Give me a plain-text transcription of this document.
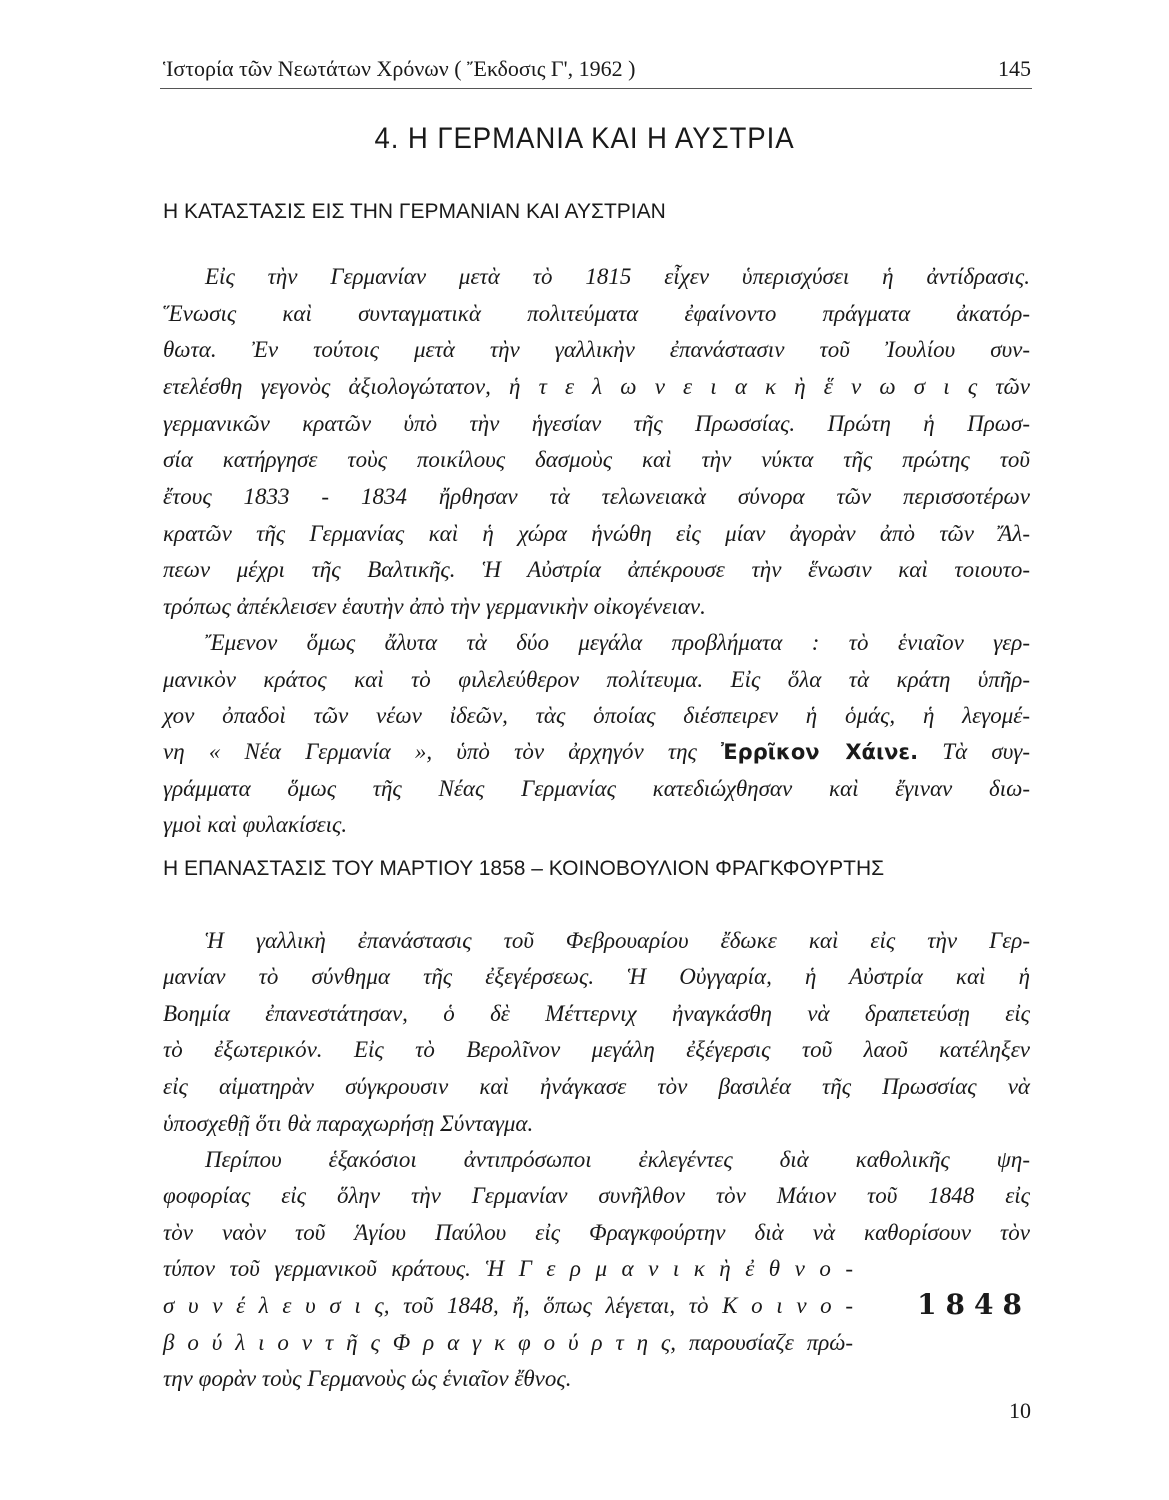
Ἱστορία τῶν Νεωτάτων Χρόνων ( Ἔκδοσις Γ', 1962 )	145
4. Η ΓΕΡΜΑΝΙΑ ΚΑΙ Η ΑΥΣΤΡΙΑ
Η ΚΑΤΑΣΤΑΣΙΣ ΕΙΣ ΤΗΝ ΓΕΡΜΑΝΙΑΝ ΚΑΙ ΑΥΣΤΡΙΑΝ
Η ΕΠΑΝΑΣΤΑΣΙΣ ΤΟΥ ΜΑΡΤΙΟΥ 1858 – ΚΟΙΝΟΒΟΥΛΙΟΝ ΦΡΑΓΚΦΟΥΡΤΗΣ
Εἰς τὴν Γερμανίαν μετὰ τὸ 1815 εἶχεν ὑπερισχύσει ἡ ἀντίδρασις.
Ἕνωσις καὶ συνταγματικὰ πολιτεύματα ἐφαίνοντο πράγματα ἀκατόρ-
θωτα. Ἐν τούτοις μετὰ τὴν γαλλικὴν ἐπανάστασιν τοῦ Ἰουλίου συν-
ετελέσθη γεγονὸς ἀξιολογώτατον, ἡ τ ε λ ω ν ε ι α κ ὴ ἕ ν ω σ ι ς τῶν
γερμανικῶν κρατῶν ὑπὸ τὴν ἡγεσίαν τῆς Πρωσσίας. Πρώτη ἡ Πρωσ-
σία κατήργησε τοὺς ποικίλους δασμοὺς καὶ τὴν νύκτα τῆς πρώτης τοῦ
ἔτους 1833 - 1834 ἤρθησαν τὰ τελωνειακὰ σύνορα τῶν περισσοτέρων
κρατῶν τῆς Γερμανίας καὶ ἡ χώρα ἡνώθη εἰς μίαν ἀγορὰν ἀπὸ τῶν Ἄλ-
πεων μέχρι τῆς Βαλτικῆς. Ἡ Αὐστρία ἀπέκρουσε τὴν ἕνωσιν καὶ τοιουτο-
τρόπως ἀπέκλεισεν ἑαυτὴν ἀπὸ τὴν γερμανικὴν οἰκογένειαν.
Ἔμενον ὅμως ἄλυτα τὰ δύο μεγάλα προβλήματα : τὸ ἑνιαῖον γερ-
μανικὸν κράτος καὶ τὸ φιλελεύθερον πολίτευμα. Εἰς ὅλα τὰ κράτη ὑπῆρ-
χον ὀπαδοὶ τῶν νέων ἰδεῶν, τὰς ὁποίας διέσπειρεν ἡ ὁμάς, ἡ λεγομέ-
νη « Νέα Γερμανία », ὑπὸ τὸν ἀρχηγόν της Ἐρρῖκον Χάινε. Τὰ συγ-
γράμματα ὅμως τῆς Νέας Γερμανίας κατεδιώχθησαν καὶ ἔγιναν διω-
γμοὶ καὶ φυλακίσεις.
Ἡ γαλλικὴ ἐπανάστασις τοῦ Φεβρουαρίου ἔδωκε καὶ εἰς τὴν Γερ-
μανίαν τὸ σύνθημα τῆς ἐξεγέρσεως. Ἡ Οὐγγαρία, ἡ Αὐστρία καὶ ἡ
Βοημία ἐπανεστάτησαν, ὁ δὲ Μέττερνιχ ἠναγκάσθη νὰ δραπετεύσῃ εἰς
τὸ ἐξωτερικόν. Εἰς τὸ Βερολῖνον μεγάλη ἐξέγερσις τοῦ λαοῦ κατέληξεν
εἰς αἱματηρὰν σύγκρουσιν καὶ ἠνάγκασε τὸν βασιλέα τῆς Πρωσσίας νὰ
ὑποσχεθῇ ὅτι θὰ παραχωρήσῃ Σύνταγμα.
Περίπου ἑξακόσιοι ἀντιπρόσωποι ἐκλεγέντες διὰ καθολικῆς ψη-
φοφορίας εἰς ὅλην τὴν Γερμανίαν συνῆλθον τὸν Μάιον τοῦ 1848 εἰς
τὸν ναὸν τοῦ Ἁγίου Παύλου εἰς Φραγκφούρτην διὰ νὰ καθορίσουν τὸν
τύπον τοῦ γερμανικοῦ κράτους. Ἡ Γ ε ρ μ α ν ι κ ὴ ἐ θ ν ο -
σ υ ν έ λ ε υ σ ι ς, τοῦ 1848, ἤ, ὅπως λέγεται, τὸ Κ ο ι ν ο -
β ο ύ λ ι ο ν τ ῆ ς Φ ρ α γ κ φ ο ύ ρ τ η ς, παρουσίαζε πρώ-
την φορὰν τοὺς Γερμανοὺς ὡς ἑνιαῖον ἔθνος.
1848
10
